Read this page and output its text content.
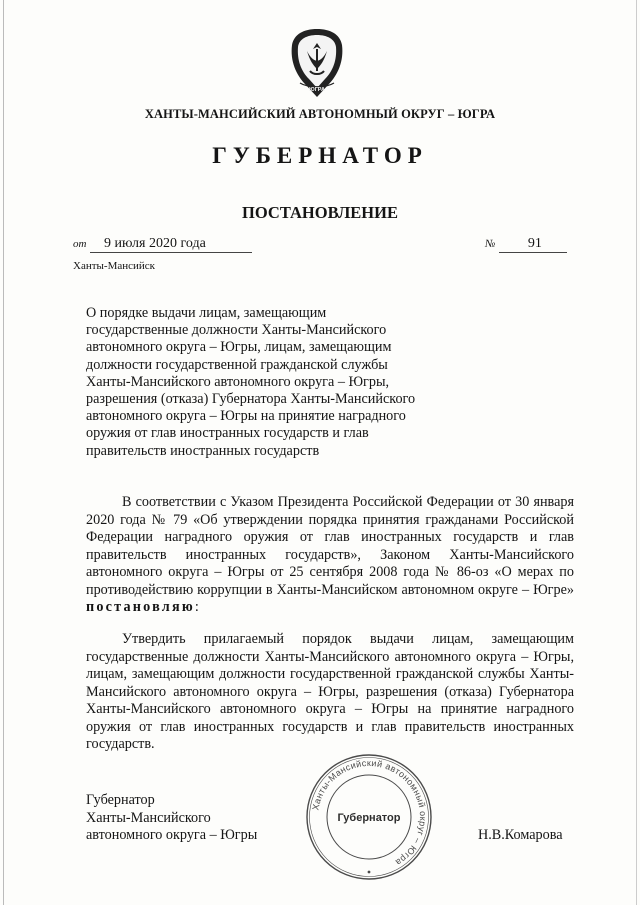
ЮГРА
ХАНТЫ-МАНСИЙСКИЙ АВТОНОМНЫЙ ОКРУГ – ЮГРА
ГУБЕРНАТОР
ПОСТАНОВЛЕНИЕ
от 9 июля 2020 года	№ 91
Ханты-Мансийск
О порядке выдачи лицам, замещающим
государственные должности Ханты-Мансийского
автономного округа – Югры, лицам, замещающим
должности государственной гражданской службы
Ханты-Мансийского автономного округа – Югры,
разрешения (отказа) Губернатора Ханты-Мансийского
автономного округа – Югры на принятие наградного
оружия от глав иностранных государств и глав
правительств иностранных государств
В соответствии с Указом Президента Российской Федерации от 30 января 2020 года № 79 «Об утверждении порядка принятия гражданами Российской Федерации наградного оружия от глав иностранных государств и глав правительств иностранных государств», Законом Ханты-Мансийского автономного округа – Югры от 25 сентября 2008 года № 86-оз «О мерах по противодействию коррупции в Ханты-Мансийском автономном округе – Югре» постановляю:
Утвердить прилагаемый порядок выдачи лицам, замещающим государственные должности Ханты-Мансийского автономного округа – Югры, лицам, замещающим должности государственной гражданской службы Ханты-Мансийского автономного округа – Югры, разрешения (отказа) Губернатора Ханты-Мансийского автономного округа – Югры на принятие наградного оружия от глав иностранных государств и глав правительств иностранных государств.
Губернатор
Ханты-Мансийского
автономного округа – Югры
Ханты-Мансийский автономный округ – Югра
Губернатор
Н.В.Комарова
